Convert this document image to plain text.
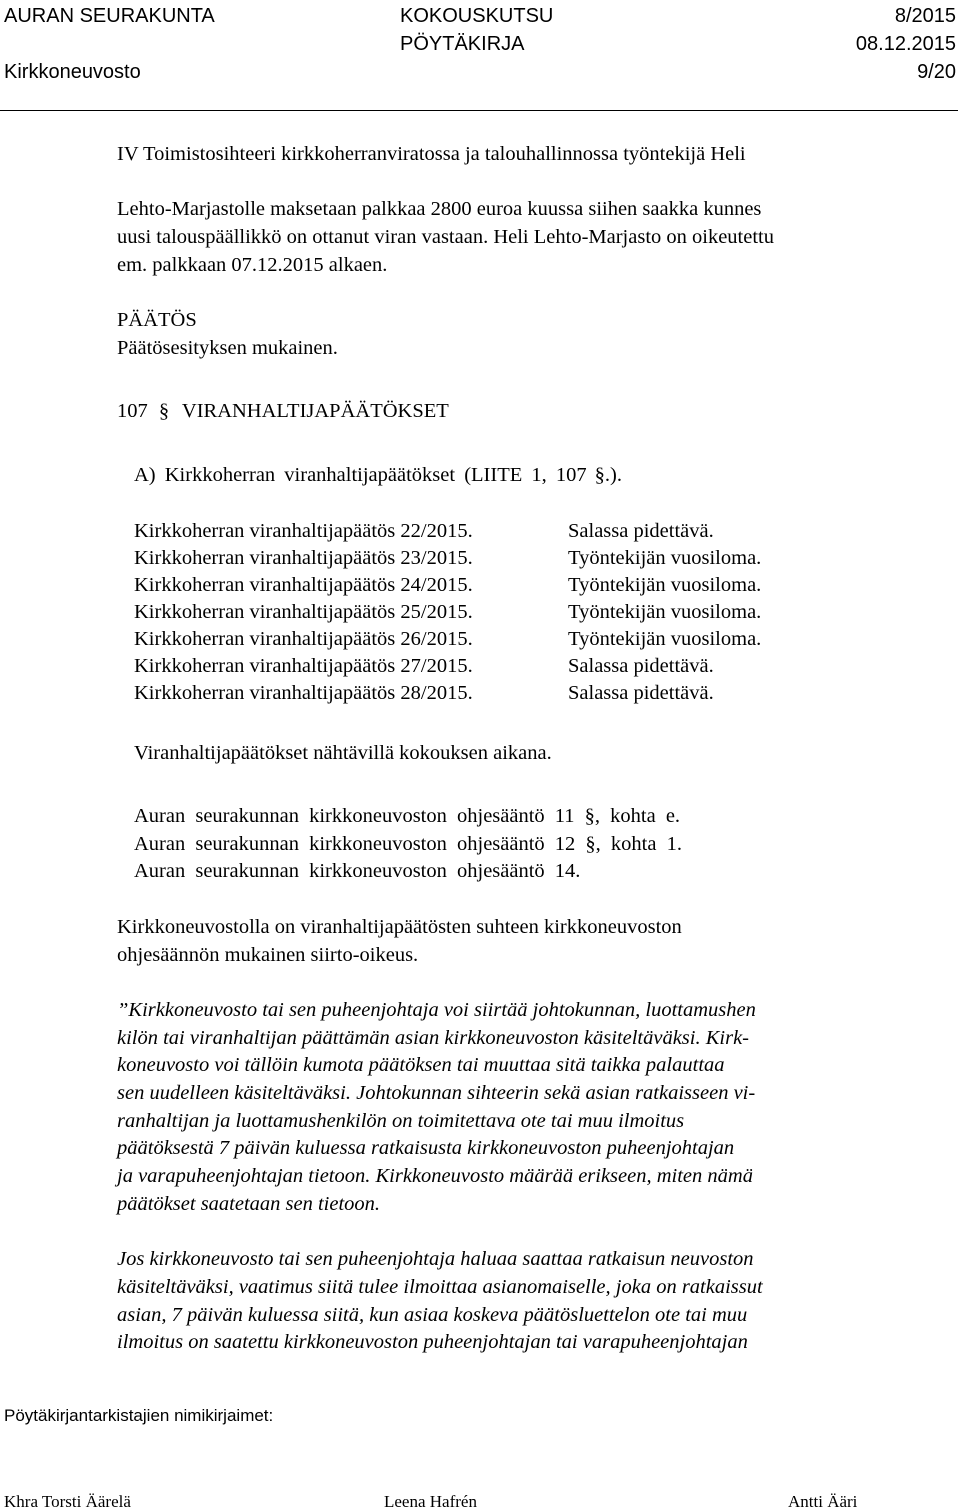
AURAN SEURAKUNTA	KOKOUSKUTSU
PÖYTÄKIRJA
8/2015
08.12.2015
Kirkkoneuvosto	9/20
IV Toimistosihteeri kirkkoherranviratossa ja talouhallinnossa työntekijä Heli
Lehto-Marjastolle maksetaan palkkaa 2800 euroa kuussa siihen saakka kunnes
uusi talouspäällikkö on ottanut viran vastaan. Heli Lehto-Marjasto on oikeutettu
em. palkkaan 07.12.2015 alkaen.
PÄÄTÖS
Päätösesityksen mukainen.
107 § VIRANHALTIJAPÄÄTÖKSET
A) Kirkkoherran viranhaltijapäätökset (LIITE 1, 107 §.).
Kirkkoherran viranhaltijapäätös 22/2015.	Salassa pidettävä.
Kirkkoherran viranhaltijapäätös 23/2015.	Työntekijän vuosiloma.
Kirkkoherran viranhaltijapäätös 24/2015.	Työntekijän vuosiloma.
Kirkkoherran viranhaltijapäätös 25/2015.	Työntekijän vuosiloma.
Kirkkoherran viranhaltijapäätös 26/2015.	Työntekijän vuosiloma.
Kirkkoherran viranhaltijapäätös 27/2015.	Salassa pidettävä.
Kirkkoherran viranhaltijapäätös 28/2015.	Salassa pidettävä.
Viranhaltijapäätökset nähtävillä kokouksen aikana.
Auran seurakunnan kirkkoneuvoston ohjesääntö 11 §, kohta e.
Auran seurakunnan kirkkoneuvoston ohjesääntö 12 §, kohta 1.
Auran seurakunnan kirkkoneuvoston ohjesääntö 14.
Kirkkoneuvostolla on viranhaltijapäätösten suhteen kirkkoneuvoston
ohjesäännön mukainen siirto-oikeus.
”Kirkkoneuvosto tai sen puheenjohtaja voi siirtää johtokunnan, luottamushen
kilön tai viranhaltijan päättämän asian kirkkoneuvoston käsiteltäväksi. Kirk-
koneuvosto voi tällöin kumota päätöksen tai muuttaa sitä taikka palauttaa
sen uudelleen käsiteltäväksi. Johtokunnan sihteerin sekä asian ratkaisseen vi-
ranhaltijan ja luottamushenkilön on toimitettava ote tai muu ilmoitus
päätöksestä 7 päivän kuluessa ratkaisusta kirkkoneuvoston puheenjohtajan
ja varapuheenjohtajan tietoon. Kirkkoneuvosto määrää erikseen, miten nämä
päätökset saatetaan sen tietoon.
Jos kirkkoneuvosto tai sen puheenjohtaja haluaa saattaa ratkaisun neuvoston
käsiteltäväksi, vaatimus siitä tulee ilmoittaa asianomaiselle, joka on ratkaissut
asian, 7 päivän kuluessa siitä, kun asiaa koskeva päätösluettelon ote tai muu
ilmoitus on saatettu kirkkoneuvoston puheenjohtajan tai varapuheenjohtajan
Pöytäkirjantarkistajien nimikirjaimet:
Khra Torsti Äärelä	Leena Hafrén	Antti Ääri
